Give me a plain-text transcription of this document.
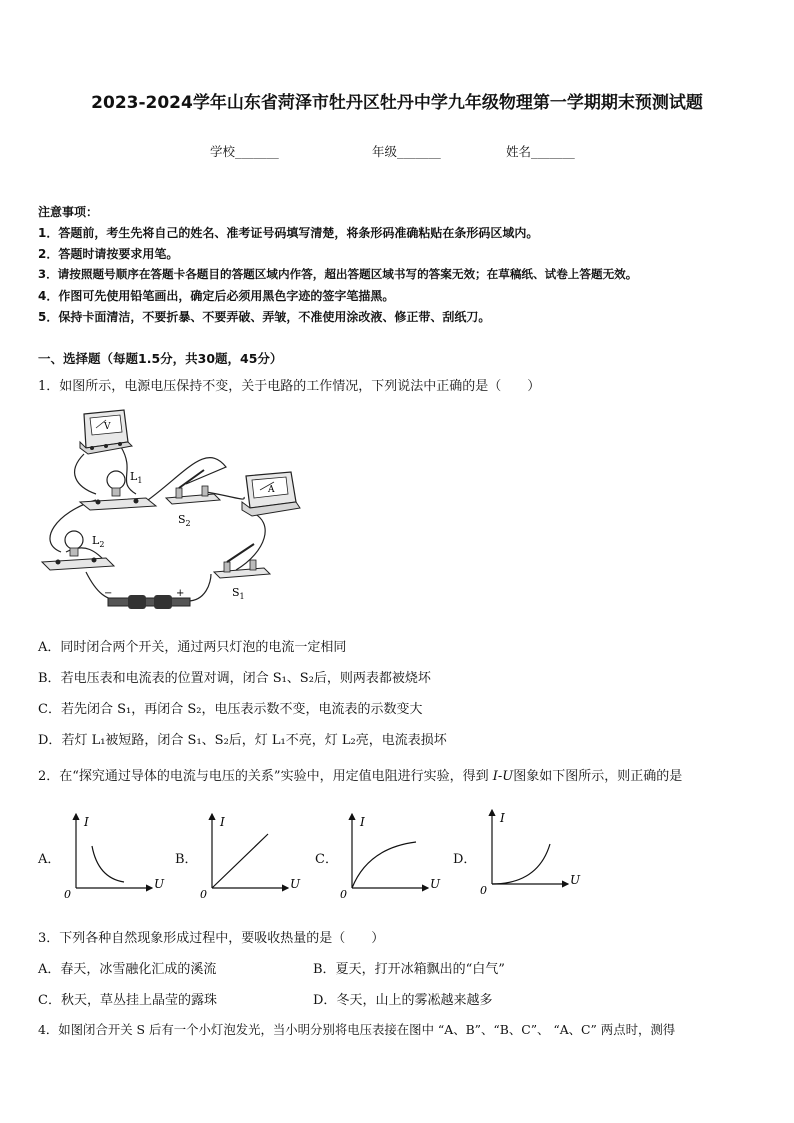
2023-2024学年山东省菏泽市牡丹区牡丹中学九年级物理第一学期期末预测试题
学校_______	年级_______	姓名_______
注意事项：
1．答题前，考生先将自己的姓名、准考证号码填写清楚，将条形码准确粘贴在条形码区域内。
2．答题时请按要求用笔。
3．请按照题号顺序在答题卡各题目的答题区域内作答，超出答题区域书写的答案无效；在草稿纸、试卷上答题无效。
4．作图可先使用铅笔画出，确定后必须用黑色字迹的签字笔描黑。
5．保持卡面清洁，不要折暴、不要弄破、弄皱，不准使用涂改液、修正带、刮纸刀。
一、选择题（每题1.5分，共30题，45分）
1．如图所示，电源电压保持不变，关于电路的工作情况，下列说法中正确的是（　　）
V
$L_1$
$S_2$
A
$L_2$
$S_1$
−	+
A．同时闭合两个开关，通过两只灯泡的电流一定相同
B．若电压表和电流表的位置对调，闭合 S₁、S₂后，则两表都被烧坏
C．若先闭合 S₁，再闭合 S₂，电压表示数不变，电流表的示数变大
D．若灯 L₁被短路，闭合 S₁、S₂后，灯 L₁不亮，灯 L₂亮，电流表损坏
2．在“探究通过导体的电流与电压的关系”实验中，用定值电阻进行实验，得到 I-U图象如下图所示，则正确的是
A．	B．	C．	D．
I
U
0
I
U
0
I
U
0
I
U
0
3．下列各种自然现象形成过程中，要吸收热量的是（　　）
A．春天，冰雪融化汇成的溪流	B．夏天，打开冰箱飘出的“白气”
C．秋天，草丛挂上晶莹的露珠	D．冬天，山上的雾凇越来越多
4．如图闭合开关 S 后有一个小灯泡发光，当小明分别将电压表接在图中 “A、B”、“B、C”、 “A、C” 两点时，测得
